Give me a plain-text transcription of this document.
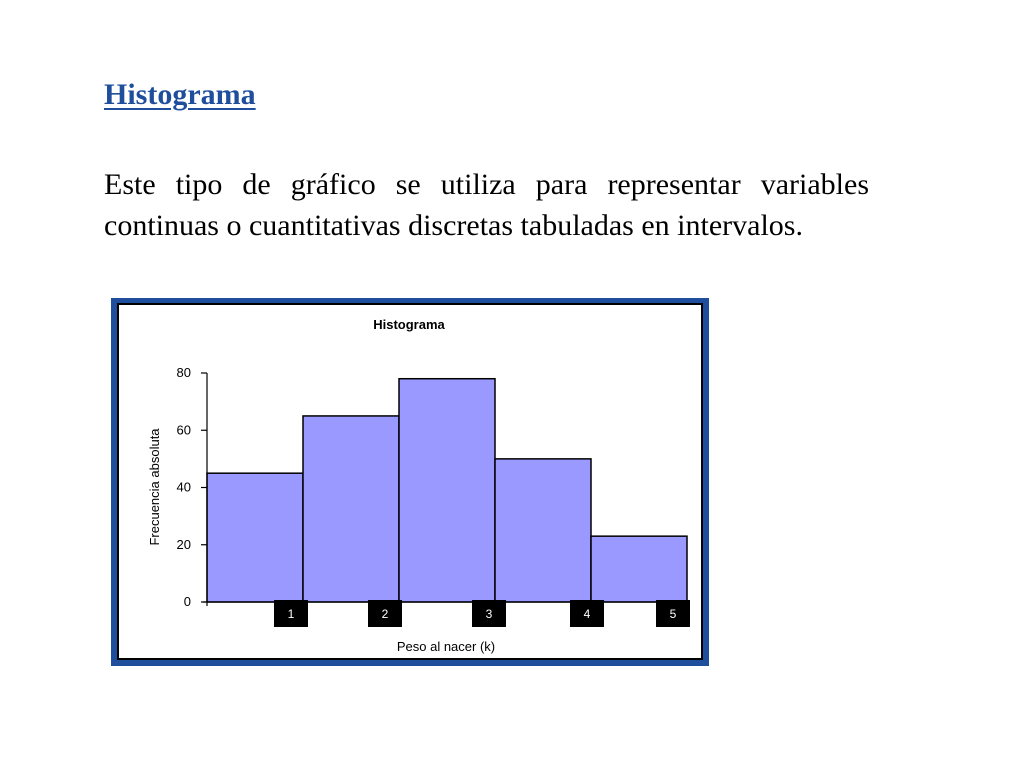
Histograma

Este tipo de gráfico se utiliza para representar variables continuas o cuantitativas discretas tabuladas en intervalos.

Histograma
Frecuencia absoluta
Peso al nacer (k)
0
20
40
60
80
1	2	3	4	5
